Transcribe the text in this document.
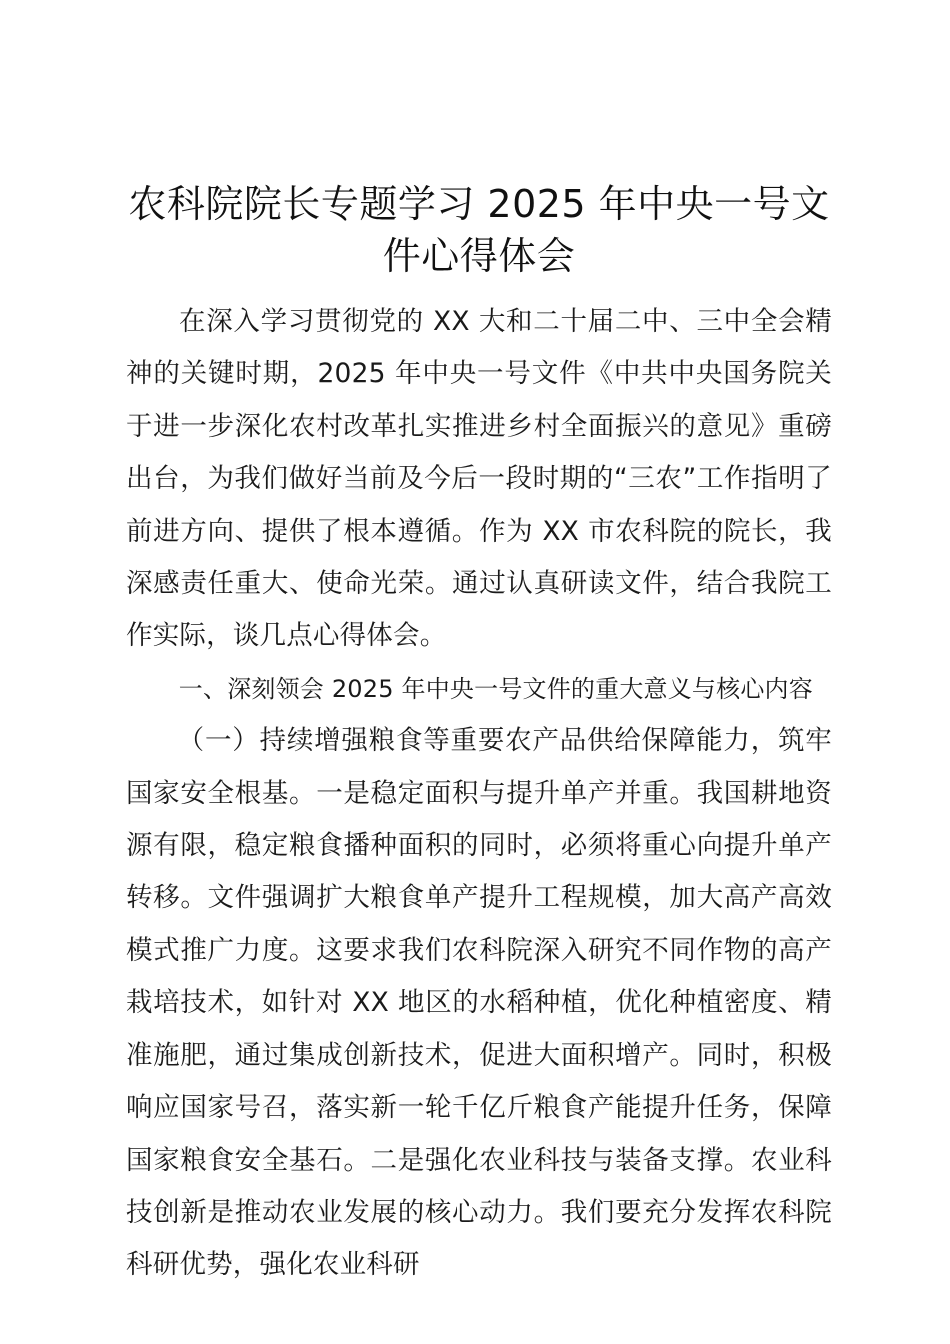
农科院院长专题学习 2025 年中央一号文件心得体会

在深入学习贯彻党的 XX 大和二十届二中、三中全会精神的关键时期，2025 年中央一号文件《中共中央国务院关于进一步深化农村改革扎实推进乡村全面振兴的意见》重磅出台，为我们做好当前及今后一段时期的“三农”工作指明了前进方向、提供了根本遵循。作为 XX 市农科院的院长，我深感责任重大、使命光荣。通过认真研读文件，结合我院工作实际，谈几点心得体会。

一、深刻领会 2025 年中央一号文件的重大意义与核心内容

（一）持续增强粮食等重要农产品供给保障能力，筑牢国家安全根基。一是稳定面积与提升单产并重。我国耕地资源有限，稳定粮食播种面积的同时，必须将重心向提升单产转移。文件强调扩大粮食单产提升工程规模，加大高产高效模式推广力度。这要求我们农科院深入研究不同作物的高产栽培技术，如针对 XX 地区的水稻种植，优化种植密度、精准施肥，通过集成创新技术，促进大面积增产。同时，积极响应国家号召，落实新一轮千亿斤粮食产能提升任务，保障国家粮食安全基石。二是强化农业科技与装备支撑。农业科技创新是推动农业发展的核心动力。我们要充分发挥农科院科研优势，强化农业科研
